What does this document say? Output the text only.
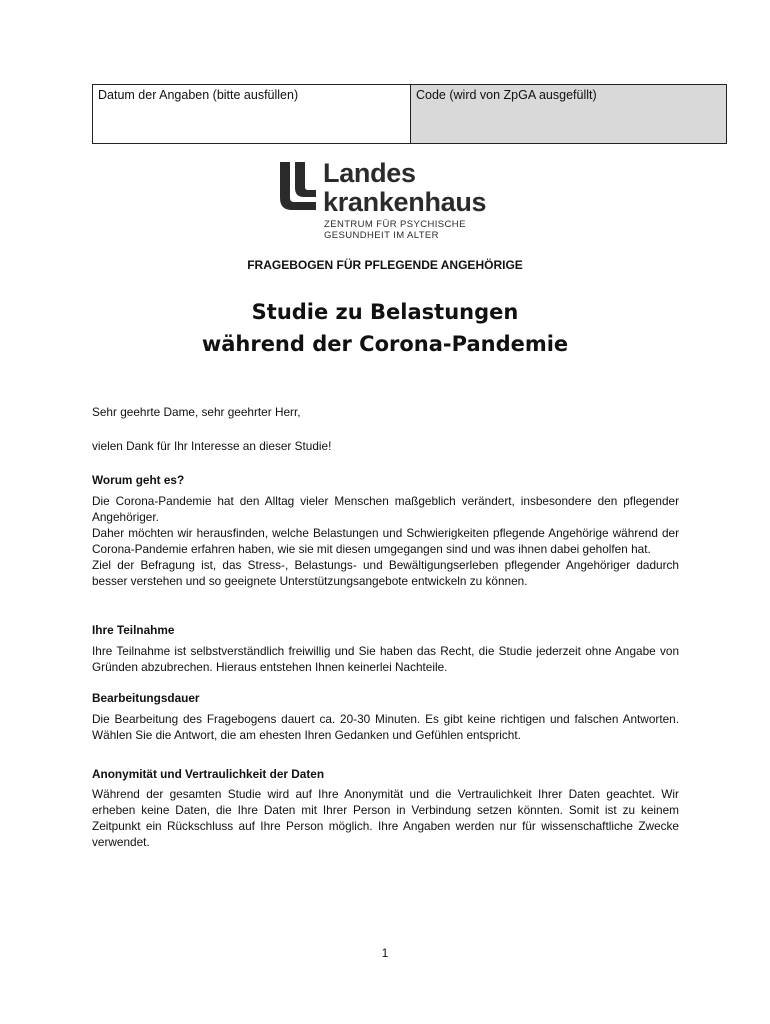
Datum der Angaben (bitte ausfüllen)	Code (wird von ZpGA ausgefüllt)
Landes
krankenhaus
ZENTRUM FÜR PSYCHISCHE
GESUNDHEIT IM ALTER
FRAGEBOGEN FÜR PFLEGENDE ANGEHÖRIGE
Studie zu Belastungen
während der Corona-Pandemie

Sehr geehrte Dame, sehr geehrter Herr,

vielen Dank für Ihr Interesse an dieser Studie!

Worum geht es?

Die Corona-Pandemie hat den Alltag vieler Menschen maßgeblich verändert, insbesondere den pflegender Angehöriger.

Daher möchten wir herausfinden, welche Belastungen und Schwierigkeiten pflegende Angehörige während der Corona-Pandemie erfahren haben, wie sie mit diesen umgegangen sind und was ihnen dabei geholfen hat.

Ziel der Befragung ist, das Stress-, Belastungs- und Bewältigungserleben pflegender Angehöriger dadurch besser verstehen und so geeignete Unterstützungsangebote entwickeln zu können.

Ihre Teilnahme

Ihre Teilnahme ist selbstverständlich freiwillig und Sie haben das Recht, die Studie jederzeit ohne Angabe von Gründen abzubrechen. Hieraus entstehen Ihnen keinerlei Nachteile.

Bearbeitungsdauer

Die Bearbeitung des Fragebogens dauert ca. 20-30 Minuten. Es gibt keine richtigen und falschen Antworten. Wählen Sie die Antwort, die am ehesten Ihren Gedanken und Gefühlen entspricht.

Anonymität und Vertraulichkeit der Daten

Während der gesamten Studie wird auf Ihre Anonymität und die Vertraulichkeit Ihrer Daten geachtet. Wir erheben keine Daten, die Ihre Daten mit Ihrer Person in Verbindung setzen könnten. Somit ist zu keinem Zeitpunkt ein Rückschluss auf Ihre Person möglich. Ihre Angaben werden nur für wissenschaftliche Zwecke verwendet.

1
